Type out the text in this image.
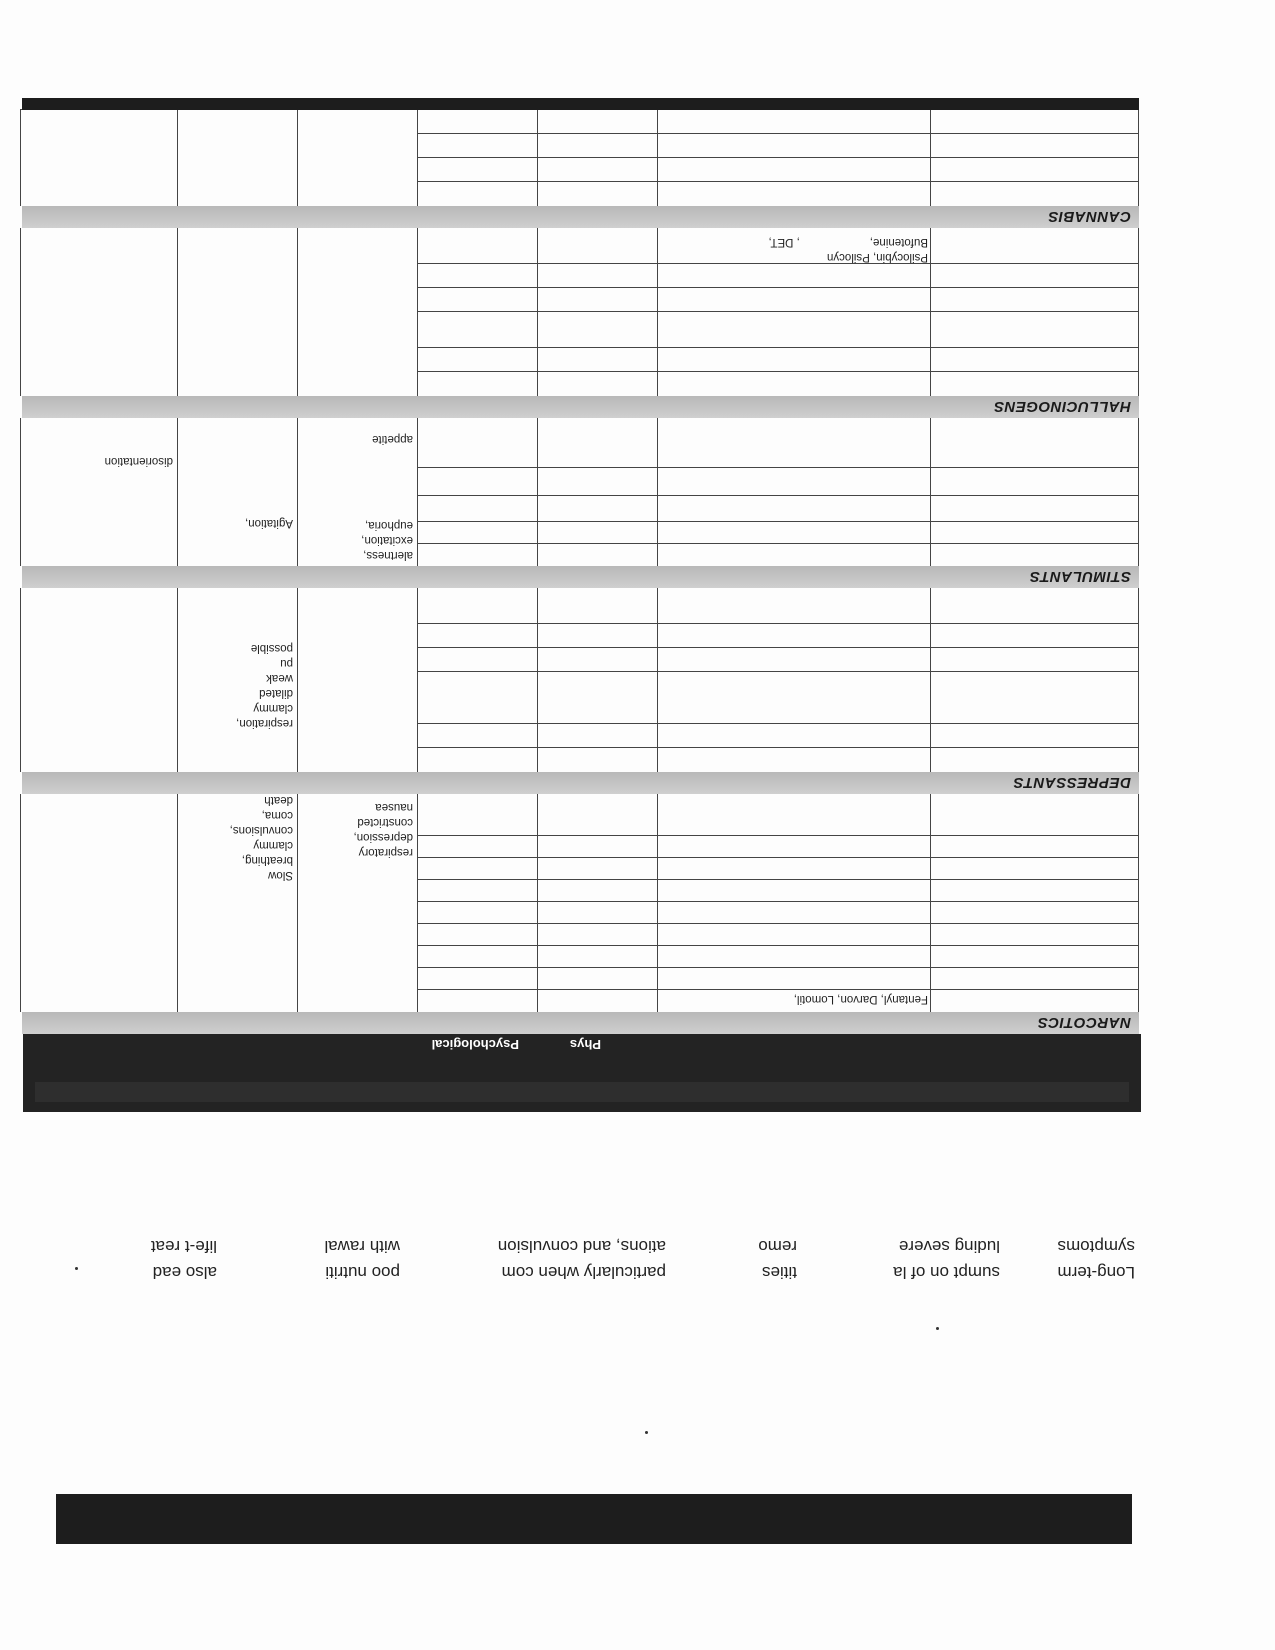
Long-term
symptoms
sumpt on of la
luding severe
tities
remo
particularly when com
ations, and convulsion
poo nutriti
with rawal
also ead
life-t reat
Phys
Psychological
NARCOTICS
Fentanyl, Darvon, Lomotil,
respiratory
depression,
constricted
nausea
Slow
breathing,
clammy
convulsions,
coma,
death
DEPRESSANTS
respiration,
clammy
dilated
weak
pu
possible
STIMULANTS
alertness,
excitation,
euphoria,
appetite
Agitation,
disorientation
HALLUCINOGENS
Psilocybin, Psilocyn
Bufotenine,, DET,
CANNABIS
